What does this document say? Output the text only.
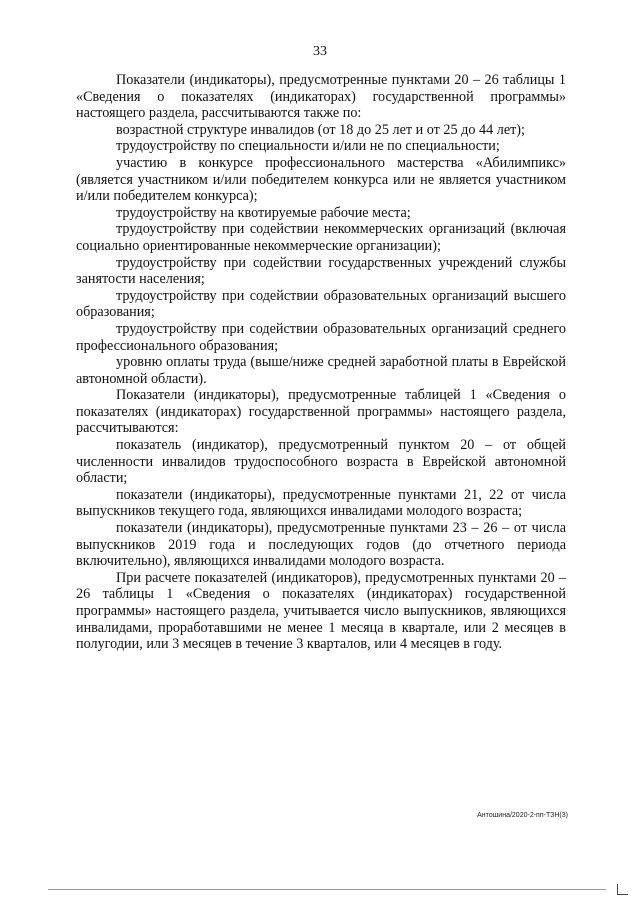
33

Показатели (индикаторы), предусмотренные пунктами 20 – 26 таблицы 1 «Сведения о показателях (индикаторах) государственной программы» настоящего раздела, рассчитываются также по:

возрастной структуре инвалидов (от 18 до 25 лет и от 25 до 44 лет);

трудоустройству по специальности и/или не по специальности;

участию в конкурсе профессионального мастерства «Абилимпикс» (является участником и/или победителем конкурса или не является участником и/или победителем конкурса);

трудоустройству на квотируемые рабочие места;

трудоустройству при содействии некоммерческих организаций (включая социально ориентированные некоммерческие организации);

трудоустройству при содействии государственных учреждений службы занятости населения;

трудоустройству при содействии образовательных организаций высшего образования;

трудоустройству при содействии образовательных организаций среднего профессионального образования;

уровню оплаты труда (выше/ниже средней заработной платы в Еврейской автономной области).

Показатели (индикаторы), предусмотренные таблицей 1 «Сведения о показателях (индикаторах) государственной программы» настоящего раздела, рассчитываются:

показатель (индикатор), предусмотренный пунктом 20 – от общей численности инвалидов трудоспособного возраста в Еврейской автономной области;

показатели (индикаторы), предусмотренные пунктами 21, 22 от числа выпускников текущего года, являющихся инвалидами молодого возраста;

показатели (индикаторы), предусмотренные пунктами 23 – 26 – от числа выпускников 2019 года и последующих годов (до отчетного периода включительно), являющихся инвалидами молодого возраста.

При расчете показателей (индикаторов), предусмотренных пунктами 20 – 26 таблицы 1 «Сведения о показателях (индикаторах) государственной программы» настоящего раздела, учитывается число выпускников, являющихся инвалидами, проработавшими не менее 1 месяца в квартале, или 2 месяцев в полугодии, или 3 месяцев в течение 3 кварталов, или 4 месяцев в году.

Антошина/2020-2-пп-ТЗН(3)
